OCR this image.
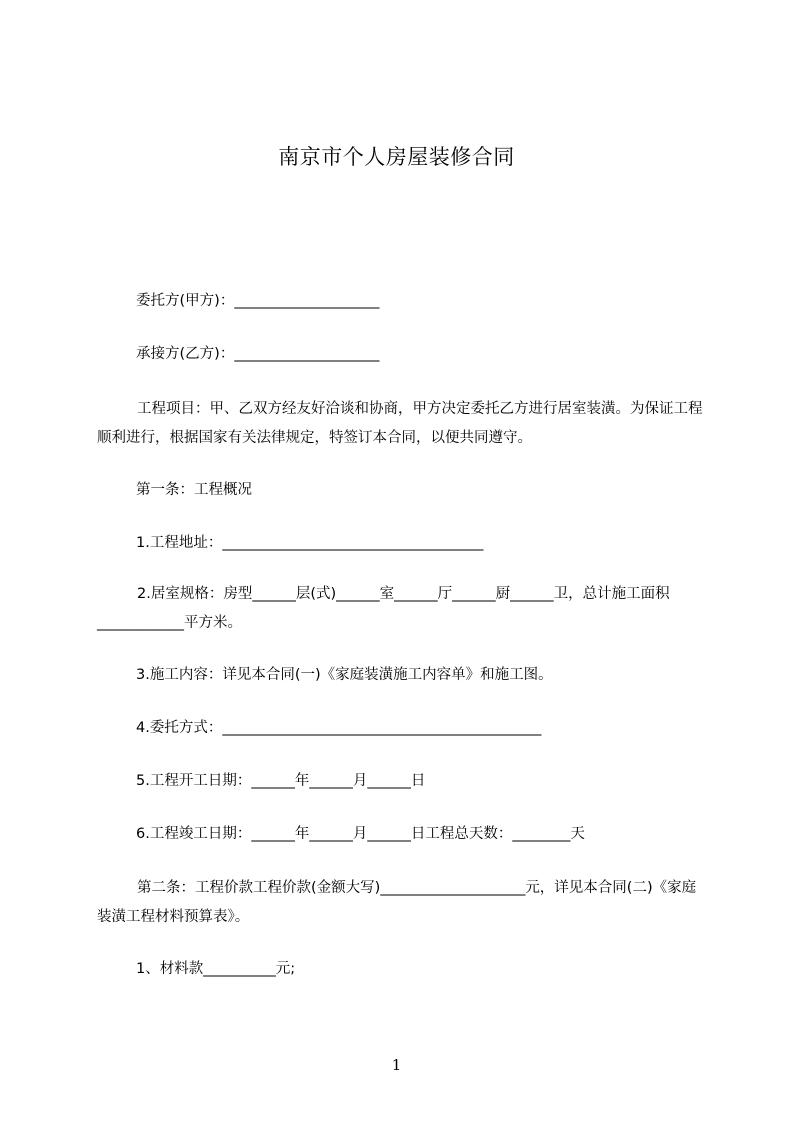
南京市个人房屋装修合同
委托方(甲方)：____________________
承接方(乙方)：____________________
工程项目：甲、乙双方经友好洽谈和协商，甲方决定委托乙方进行居室装潢。为保证工程顺利进行，根据国家有关法律规定，特签订本合同，以便共同遵守。
第一条：工程概况
1.工程地址：____________________________________
2.居室规格：房型______层(式)______室______厅______厨______卫，总计施工面积____________平方米。
3.施工内容：详见本合同(一)《家庭装潢施工内容单》和施工图。
4.委托方式：____________________________________________
5.工程开工日期：______年______月______日
6.工程竣工日期：______年______月______日工程总天数：________天
第二条：工程价款工程价款(金额大写)____________________元，详见本合同(二)《家庭装潢工程材料预算表》。
1、材料款__________元;
1
